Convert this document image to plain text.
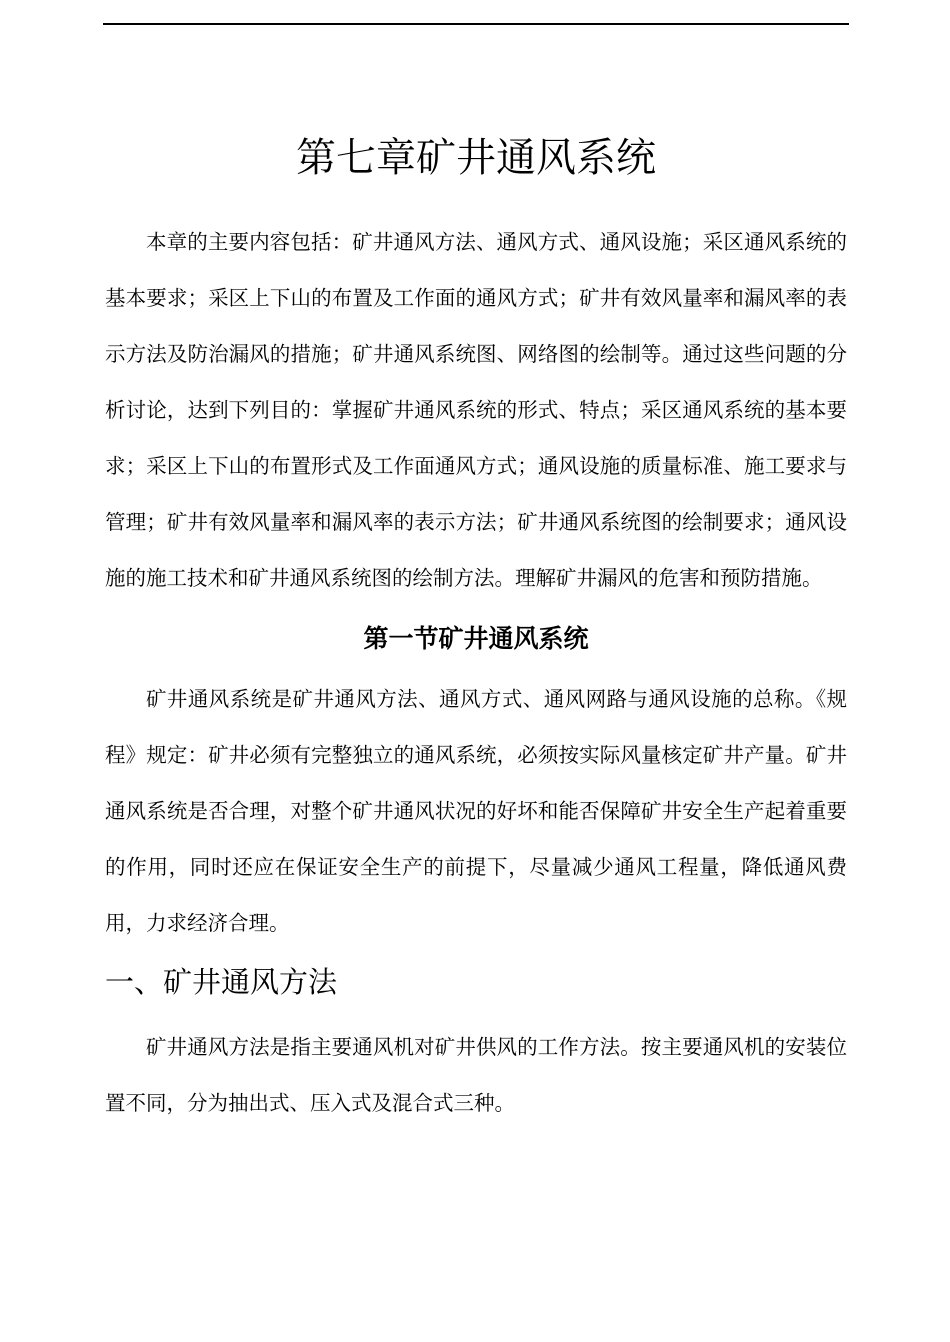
第七章矿井通风系统

本章的主要内容包括：矿井通风方法、通风方式、通风设施；采区通风系统的基本要求；采区上下山的布置及工作面的通风方式；矿井有效风量率和漏风率的表示方法及防治漏风的措施；矿井通风系统图、网络图的绘制等。通过这些问题的分析讨论，达到下列目的：掌握矿井通风系统的形式、特点；采区通风系统的基本要求；采区上下山的布置形式及工作面通风方式；通风设施的质量标准、施工要求与管理；矿井有效风量率和漏风率的表示方法；矿井通风系统图的绘制要求；通风设施的施工技术和矿井通风系统图的绘制方法。理解矿井漏风的危害和预防措施。

第一节矿井通风系统

矿井通风系统是矿井通风方法、通风方式、通风网路与通风设施的总称。《规程》规定：矿井必须有完整独立的通风系统，必须按实际风量核定矿井产量。矿井通风系统是否合理，对整个矿井通风状况的好坏和能否保障矿井安全生产起着重要的作用，同时还应在保证安全生产的前提下，尽量减少通风工程量，降低通风费用，力求经济合理。

一、矿井通风方法

矿井通风方法是指主要通风机对矿井供风的工作方法。按主要通风机的安装位置不同，分为抽出式、压入式及混合式三种。
